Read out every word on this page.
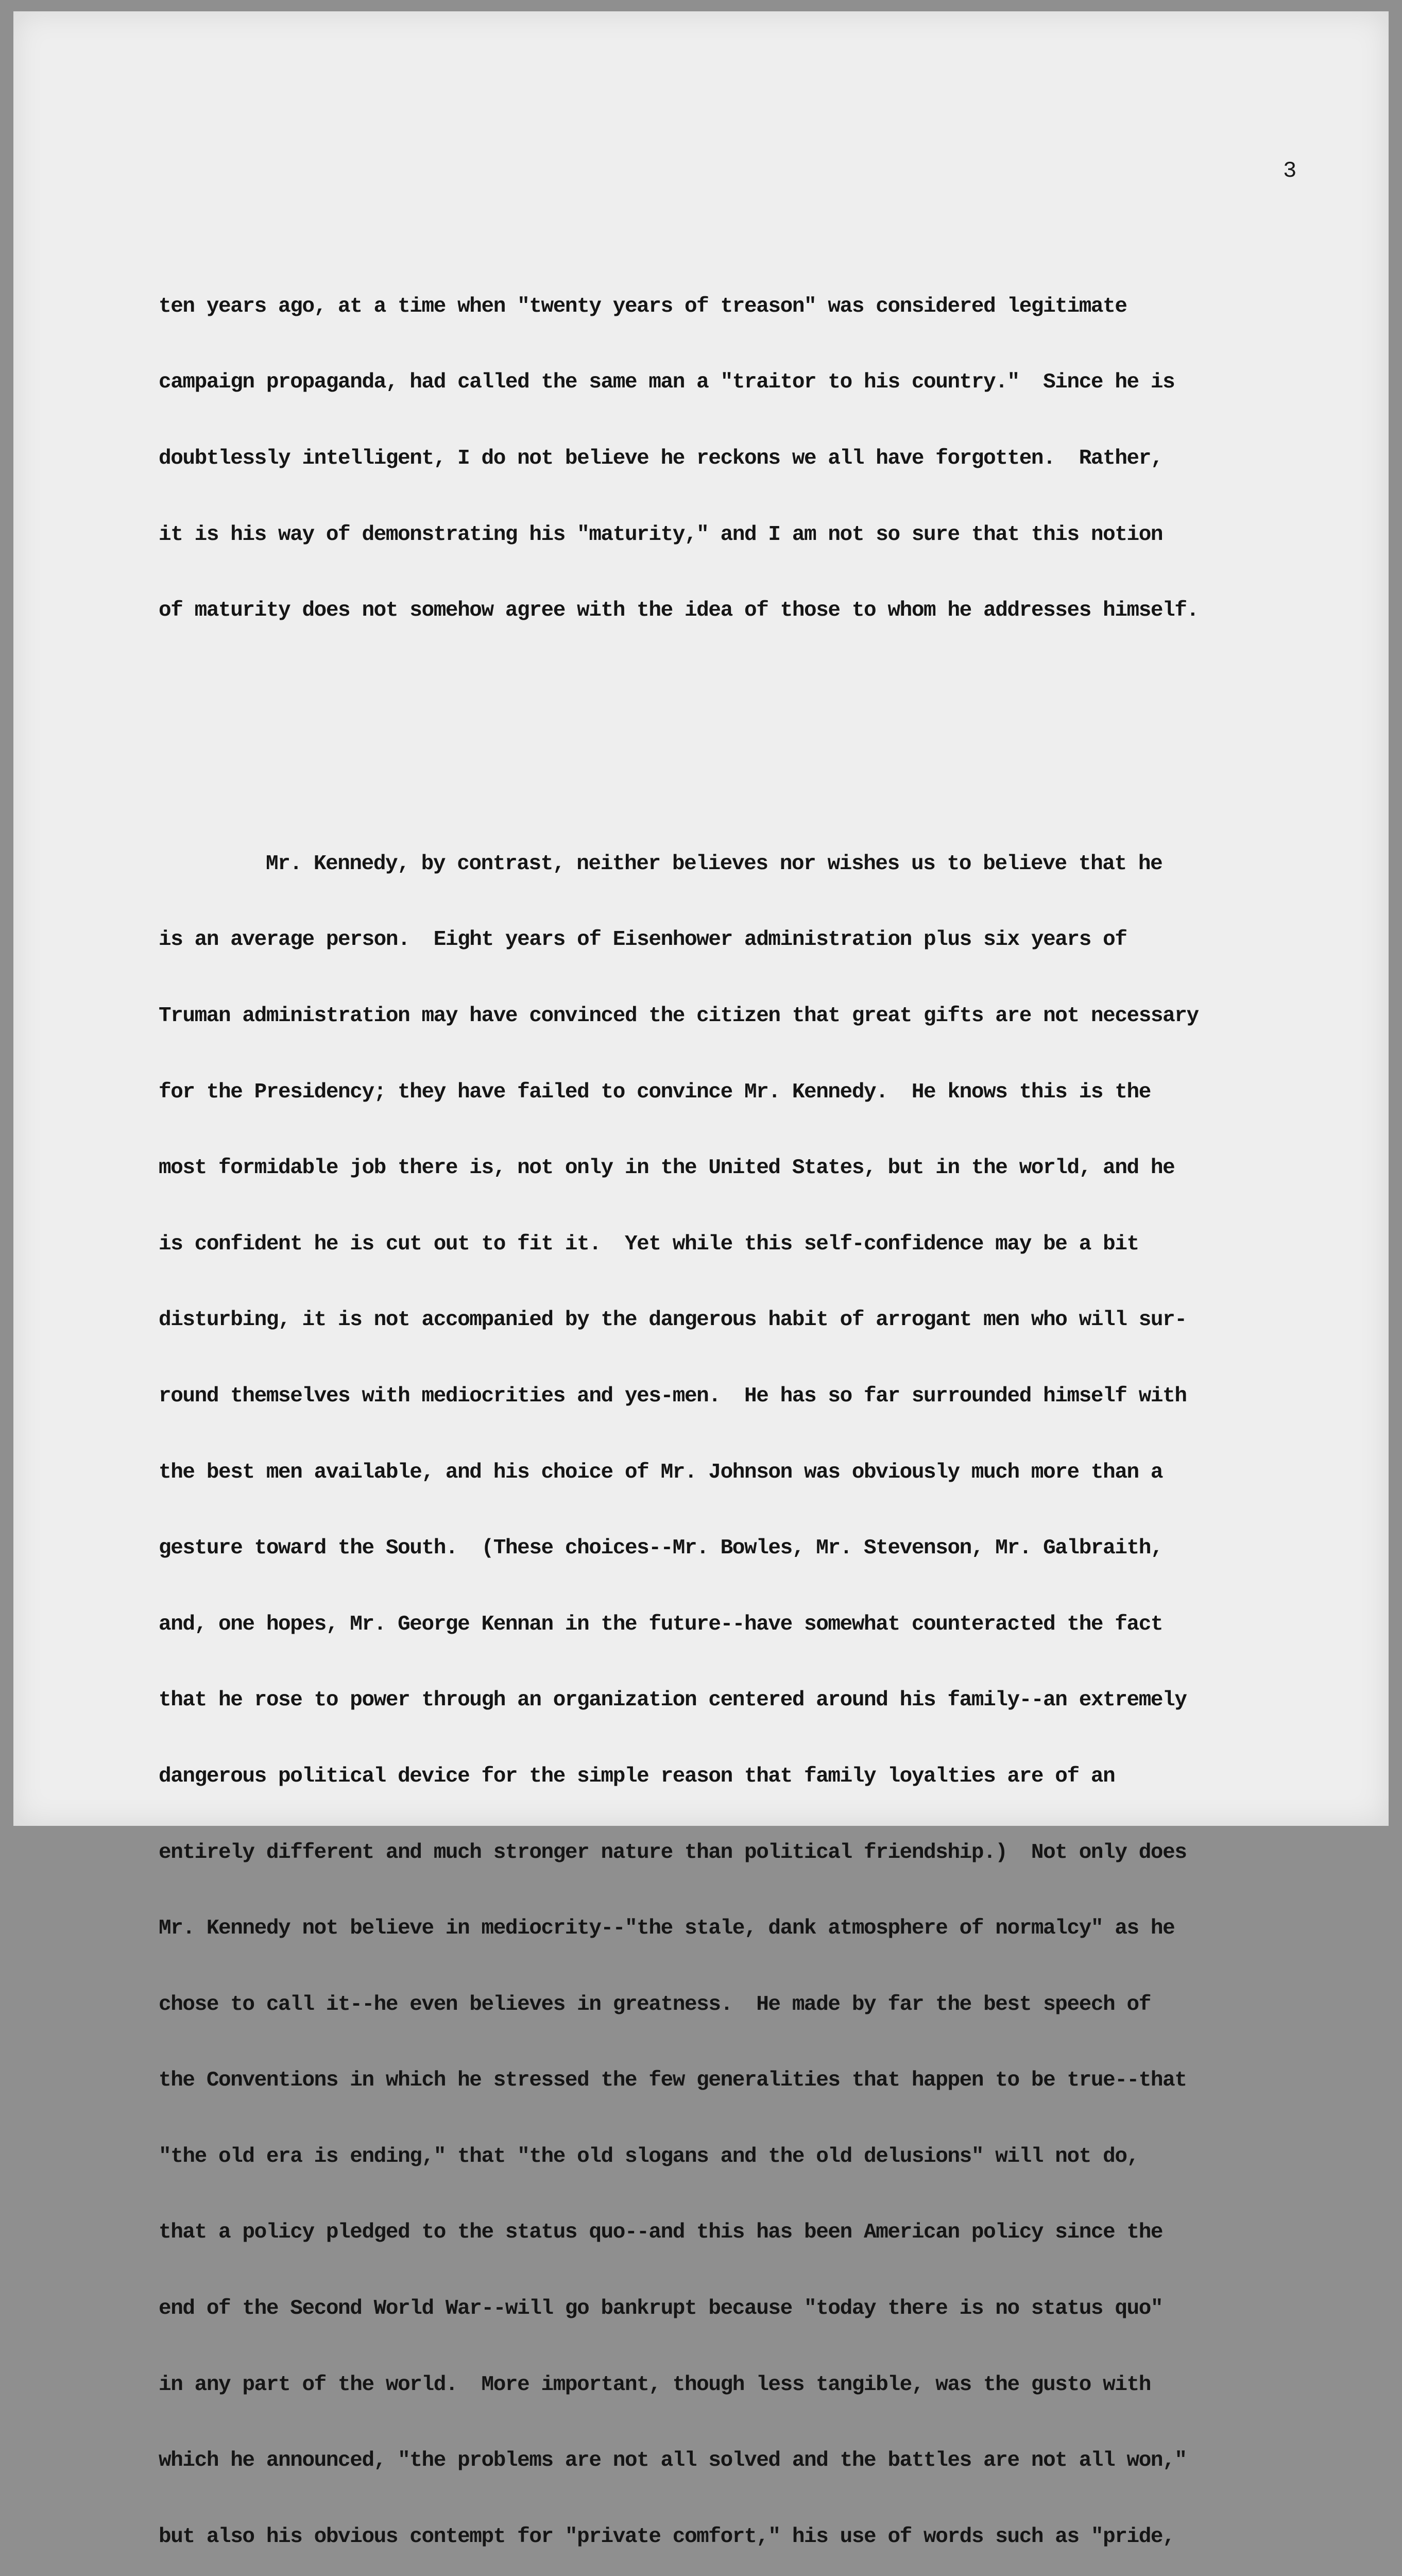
3

ten years ago, at a time when "twenty years of treason" was considered legitimate

campaign propaganda, had called the same man a "traitor to his country."  Since he is

doubtlessly intelligent, I do not believe he reckons we all have forgotten.  Rather,

it is his way of demonstrating his "maturity," and I am not so sure that this notion

of maturity does not somehow agree with the idea of those to whom he addresses himself.

Mr. Kennedy, by contrast, neither believes nor wishes us to believe that he

is an average person.  Eight years of Eisenhower administration plus six years of

Truman administration may have convinced the citizen that great gifts are not necessary

for the Presidency; they have failed to convince Mr. Kennedy.  He knows this is the

most formidable job there is, not only in the United States, but in the world, and he

is confident he is cut out to fit it.  Yet while this self-confidence may be a bit

disturbing, it is not accompanied by the dangerous habit of arrogant men who will sur-

round themselves with mediocrities and yes-men.  He has so far surrounded himself with

the best men available, and his choice of Mr. Johnson was obviously much more than a

gesture toward the South.  (These choices--Mr. Bowles, Mr. Stevenson, Mr. Galbraith,

and, one hopes, Mr. George Kennan in the future--have somewhat counteracted the fact

that he rose to power through an organization centered around his family--an extremely

dangerous political device for the simple reason that family loyalties are of an

entirely different and much stronger nature than political friendship.)  Not only does

Mr. Kennedy not believe in mediocrity--"the stale, dank atmosphere of normalcy" as he

chose to call it--he even believes in greatness.  He made by far the best speech of

the Conventions in which he stressed the few generalities that happen to be true--that

"the old era is ending," that "the old slogans and the old delusions" will not do,

that a policy pledged to the status quo--and this has been American policy since the

end of the Second World War--will go bankrupt because "today there is no status quo"

in any part of the world.  More important, though less tangible, was the gusto with

which he announced, "the problems are not all solved and the battles are not all won,"

but also his obvious contempt for "private comfort," his use of words such as "pride,
